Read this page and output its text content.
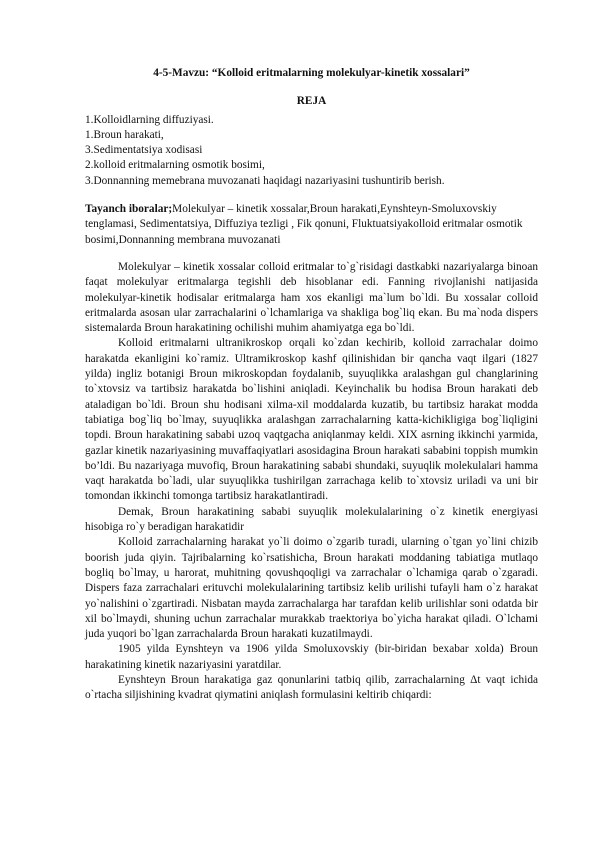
4-5-Mavzu: “Kolloid eritmalarning molekulyar-kinetik xossalari”
REJA
1.Kolloidlarning diffuziyasi.
1.Broun harakati,
3.Sedimentatsiya xodisasi
2.kolloid eritmalarning osmotik bosimi,
3.Donnanning memebrana muvozanati haqidagi nazariyasini tushuntirib berish.
Tayanch iboralar;Molekulyar – kinetik xossalar,Broun harakati,Eynshteyn-Smoluxovskiy tenglamasi, Sedimentatsiya, Diffuziya tezligi , Fik qonuni, Fluktuatsiyakolloid eritmalar osmotik bosimi,Donnanning membrana muvozanati

Molekulyar – kinetik xossalar colloid eritmalar to`g`risidagi dastkabki nazariyalarga binoan faqat molekulyar eritmalarga tegishli deb hisoblanar edi. Fanning rivojlanishi natijasida molekulyar-kinetik hodisalar eritmalarga ham xos ekanligi ma`lum bo`ldi. Bu xossalar colloid eritmalarda asosan ular zarrachalarini o`lchamlariga va shakliga bog`liq ekan. Bu ma`noda dispers sistemalarda Broun harakatining ochilishi muhim ahamiyatga ega bo`ldi.

Kolloid eritmalarni ultranikroskop orqali ko`zdan kechirib, kolloid zarrachalar doimo harakatda ekanligini ko`ramiz. Ultramikroskop kashf qilinishidan bir qancha vaqt ilgari (1827 yilda) ingliz botanigi Broun mikroskopdan foydalanib, suyuqlikka aralashgan gul changlarining to`xtovsiz va tartibsiz harakatda bo`lishini aniqladi. Keyinchalik bu hodisa Broun harakati deb ataladigan bo`ldi. Broun shu hodisani xilma-xil moddalarda kuzatib, bu tartibsiz harakat modda tabiatiga bog`liq bo`lmay, suyuqlikka aralashgan zarrachalarning katta-kichikligiga bog`liqligini topdi. Broun harakatining sababi uzoq vaqtgacha aniqlanmay keldi. XIX asrning ikkinchi yarmida, gazlar kinetik nazariyasining muvaffaqiyatlari asosidagina Broun harakati sababini toppish mumkin bo’ldi. Bu nazariyaga muvofiq, Broun harakatining sababi shundaki, suyuqlik molekulalari hamma vaqt harakatda bo`ladi, ular suyuqlikka tushirilgan zarrachaga kelib to`xtovsiz uriladi va uni bir tomondan ikkinchi tomonga tartibsiz harakatlantiradi.

Demak, Broun harakatining sababi suyuqlik molekulalarining o`z kinetik energiyasi hisobiga ro`y beradigan harakatidir

Kolloid zarrachalarning harakat yo`li doimo o`zgarib turadi, ularning o`tgan yo`lini chizib boorish juda qiyin. Tajribalarning ko`rsatishicha, Broun harakati moddaning tabiatiga mutlaqo bogliq bo`lmay, u harorat, muhitning qovushqoqligi va zarrachalar o`lchamiga qarab o`zgaradi. Dispers faza zarrachalari erituvchi molekulalarining tartibsiz kelib urilishi tufayli ham o`z harakat yo`nalishini o`zgartiradi. Nisbatan mayda zarrachalarga har tarafdan kelib urilishlar soni odatda bir xil bo`lmaydi, shuning uchun zarrachalar murakkab traektoriya bo`yicha harakat qiladi. O`lchami juda yuqori bo`lgan zarrachalarda Broun harakati kuzatilmaydi.

1905 yilda Eynshteyn va 1906 yilda Smoluxovskiy (bir-biridan bexabar xolda) Broun harakatining kinetik nazariyasini yaratdilar.

Eynshteyn Broun harakatiga gaz qonunlarini tatbiq qilib, zarrachalarning Δt vaqt ichida o`rtacha siljishining kvadrat qiymatini aniqlash formulasini keltirib chiqardi:
